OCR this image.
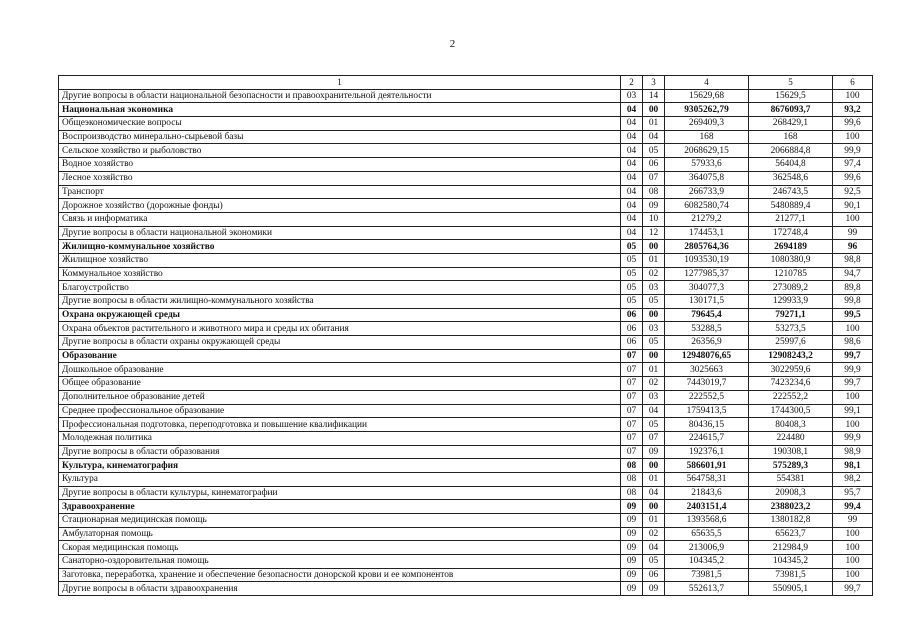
2
1	2	3	4	5	6
Другие вопросы в области национальной безопасности и правоохранительной деятельности	03	14	15629,68	15629,5	100
Национальная экономика	04	00	9305262,79	8676093,7	93,2
Общеэкономические вопросы	04	01	269409,3	268429,1	99,6
Воспроизводство минерально-сырьевой базы	04	04	168	168	100
Сельское хозяйство и рыболовство	04	05	2068629,15	2066884,8	99,9
Водное хозяйство	04	06	57933,6	56404,8	97,4
Лесное хозяйство	04	07	364075,8	362548,6	99,6
Транспорт	04	08	266733,9	246743,5	92,5
Дорожное хозяйство (дорожные фонды)	04	09	6082580,74	5480889,4	90,1
Связь и информатика	04	10	21279,2	21277,1	100
Другие вопросы в области национальной экономики	04	12	174453,1	172748,4	99
Жилищно-коммунальное хозяйство	05	00	2805764,36	2694189	96
Жилищное хозяйство	05	01	1093530,19	1080380,9	98,8
Коммунальное хозяйство	05	02	1277985,37	1210785	94,7
Благоустройство	05	03	304077,3	273089,2	89,8
Другие вопросы в области жилищно-коммунального хозяйства	05	05	130171,5	129933,9	99,8
Охрана окружающей среды	06	00	79645,4	79271,1	99,5
Охрана объектов растительного и животного мира и среды их обитания	06	03	53288,5	53273,5	100
Другие вопросы в области охраны окружающей среды	06	05	26356,9	25997,6	98,6
Образование	07	00	12948076,65	12908243,2	99,7
Дошкольное образование	07	01	3025663	3022959,6	99,9
Общее образование	07	02	7443019,7	7423234,6	99,7
Дополнительное образование детей	07	03	222552,5	222552,2	100
Среднее профессиональное образование	07	04	1759413,5	1744300,5	99,1
Профессиональная подготовка, переподготовка и повышение квалификации	07	05	80436,15	80408,3	100
Молодежная политика	07	07	224615,7	224480	99,9
Другие вопросы в области образования	07	09	192376,1	190308,1	98,9
Культура, кинематография	08	00	586601,91	575289,3	98,1
Культура	08	01	564758,31	554381	98,2
Другие вопросы в области культуры, кинематографии	08	04	21843,6	20908,3	95,7
Здравоохранение	09	00	2403151,4	2388023,2	99,4
Стационарная медицинская помощь	09	01	1393568,6	1380182,8	99
Амбулаторная помощь	09	02	65635,5	65623,7	100
Скорая медицинская помощь	09	04	213006,9	212984,9	100
Санаторно-оздоровительная помощь	09	05	104345,2	104345,2	100
Заготовка, переработка, хранение и обеспечение безопасности донорской крови и ее компонентов	09	06	73981,5	73981,5	100
Другие вопросы в области здравоохранения	09	09	552613,7	550905,1	99,7
